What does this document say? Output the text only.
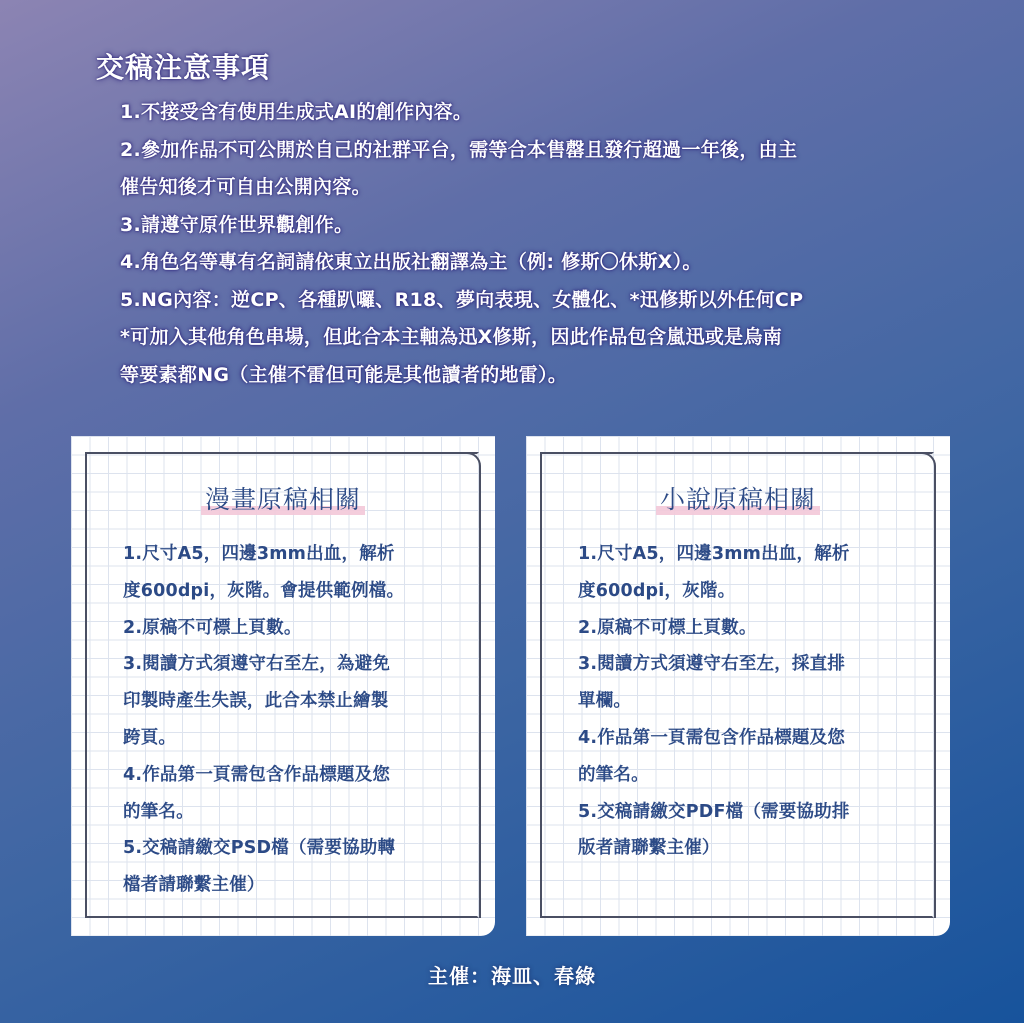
交稿注意事項
1.不接受含有使用生成式AI的創作內容。
2.參加作品不可公開於自己的社群平台，需等合本售罄且發行超過一年後，由主
催告知後才可自由公開內容。
3.請遵守原作世界觀創作。
4.角色名等專有名詞請依東立出版社翻譯為主（例: 修斯〇休斯X）。
5.NG內容：逆CP、各種趴囉、R18、夢向表現、女體化、*迅修斯以外任何CP
*可加入其他角色串場，但此合本主軸為迅X修斯，因此作品包含嵐迅或是烏南
等要素都NG（主催不雷但可能是其他讀者的地雷）。
漫畫原稿相關
1.尺寸A5，四邊3mm出血，解析
度600dpi，灰階。會提供範例檔。
2.原稿不可標上頁數。
3.閱讀方式須遵守右至左，為避免
印製時產生失誤，此合本禁止繪製
跨頁。
4.作品第一頁需包含作品標題及您
的筆名。
5.交稿請繳交PSD檔（需要協助轉
檔者請聯繫主催）
小說原稿相關
1.尺寸A5，四邊3mm出血，解析
度600dpi，灰階。
2.原稿不可標上頁數。
3.閱讀方式須遵守右至左，採直排
單欄。
4.作品第一頁需包含作品標題及您
的筆名。
5.交稿請繳交PDF檔（需要協助排
版者請聯繫主催）
主催：海皿、春綠
